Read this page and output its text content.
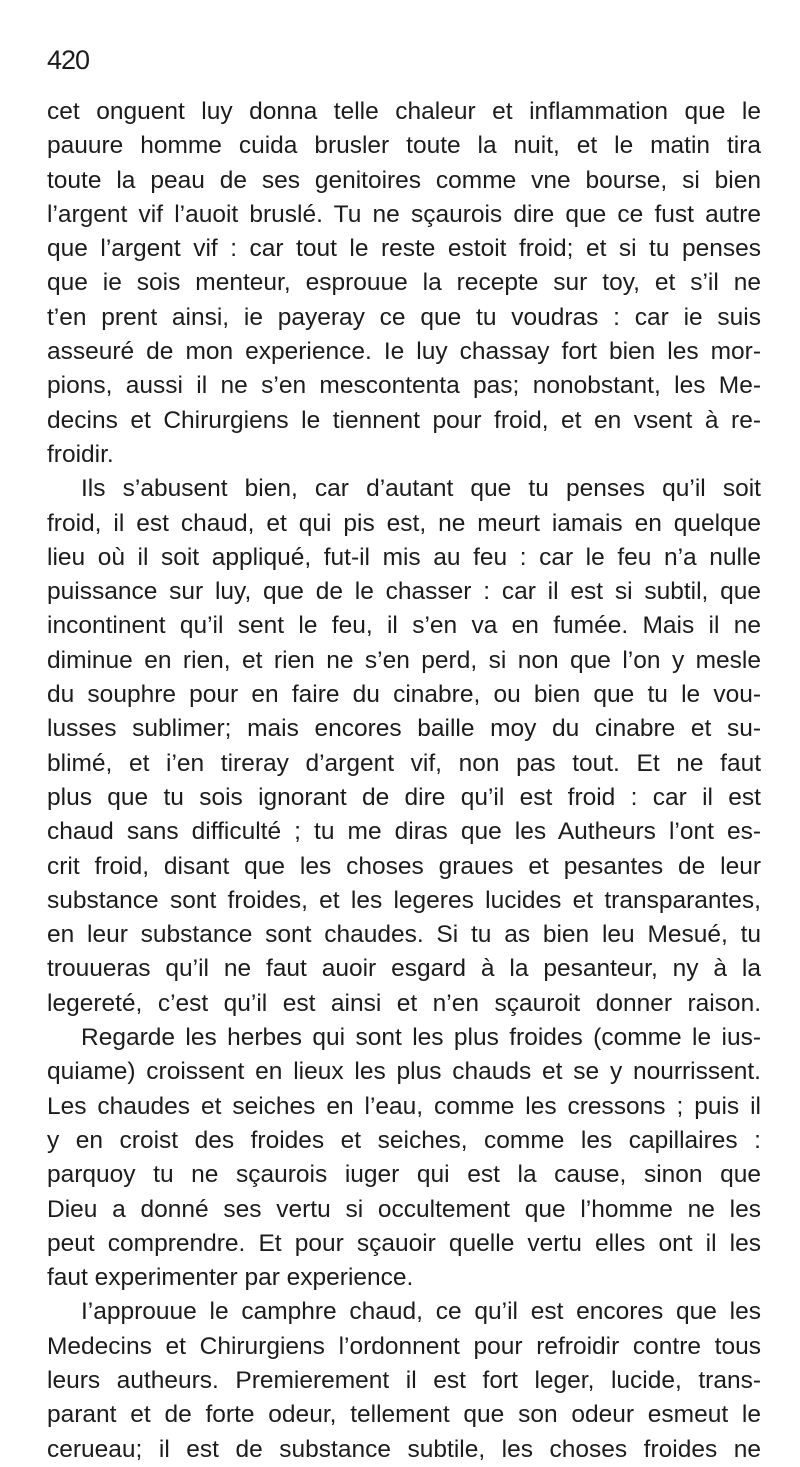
420
cet onguent luy donna telle chaleur et inflammation que le
pauure homme cuida brusler toute la nuit, et le matin tira
toute la peau de ses genitoires comme vne bourse, si bien
l’argent vif l’auoit bruslé. Tu ne sçaurois dire que ce fust autre
que l’argent vif : car tout le reste estoit froid; et si tu penses
que ie sois menteur, esprouue la recepte sur toy, et s’il ne
t’en prent ainsi, ie payeray ce que tu voudras : car ie suis
asseuré de mon experience. Ie luy chassay fort bien les mor-
pions, aussi il ne s’en mescontenta pas; nonobstant, les Me-
decins et Chirurgiens le tiennent pour froid, et en vsent à re-
froidir.
Ils s’abusent bien, car d’autant que tu penses qu’il soit
froid, il est chaud, et qui pis est, ne meurt iamais en quelque
lieu où il soit appliqué, fut-il mis au feu : car le feu n’a nulle
puissance sur luy, que de le chasser : car il est si subtil, que
incontinent qu’il sent le feu, il s’en va en fumée. Mais il ne
diminue en rien, et rien ne s’en perd, si non que l’on y mesle
du souphre pour en faire du cinabre, ou bien que tu le vou-
lusses sublimer; mais encores baille moy du cinabre et su-
blimé, et i’en tireray d’argent vif, non pas tout. Et ne faut
plus que tu sois ignorant de dire qu’il est froid : car il est
chaud sans difficulté ; tu me diras que les Autheurs l’ont es-
crit froid, disant que les choses graues et pesantes de leur
substance sont froides, et les legeres lucides et transparantes,
en leur substance sont chaudes. Si tu as bien leu Mesué, tu
trouueras qu’il ne faut auoir esgard à la pesanteur, ny à la
legereté, c’est qu’il est ainsi et n’en sçauroit donner raison.
Regarde les herbes qui sont les plus froides (comme le ius-
quiame) croissent en lieux les plus chauds et se y nourrissent.
Les chaudes et seiches en l’eau, comme les cressons ; puis il
y en croist des froides et seiches, comme les capillaires :
parquoy tu ne sçaurois iuger qui est la cause, sinon que
Dieu a donné ses vertu si occultement que l’homme ne les
peut comprendre. Et pour sçauoir quelle vertu elles ont il les
faut experimenter par experience.
I’approuue le camphre chaud, ce qu’il est encores que les
Medecins et Chirurgiens l’ordonnent pour refroidir contre tous
leurs autheurs. Premierement il est fort leger, lucide, trans-
parant et de forte odeur, tellement que son odeur esmeut le
cerueau; il est de substance subtile, les choses froides ne
